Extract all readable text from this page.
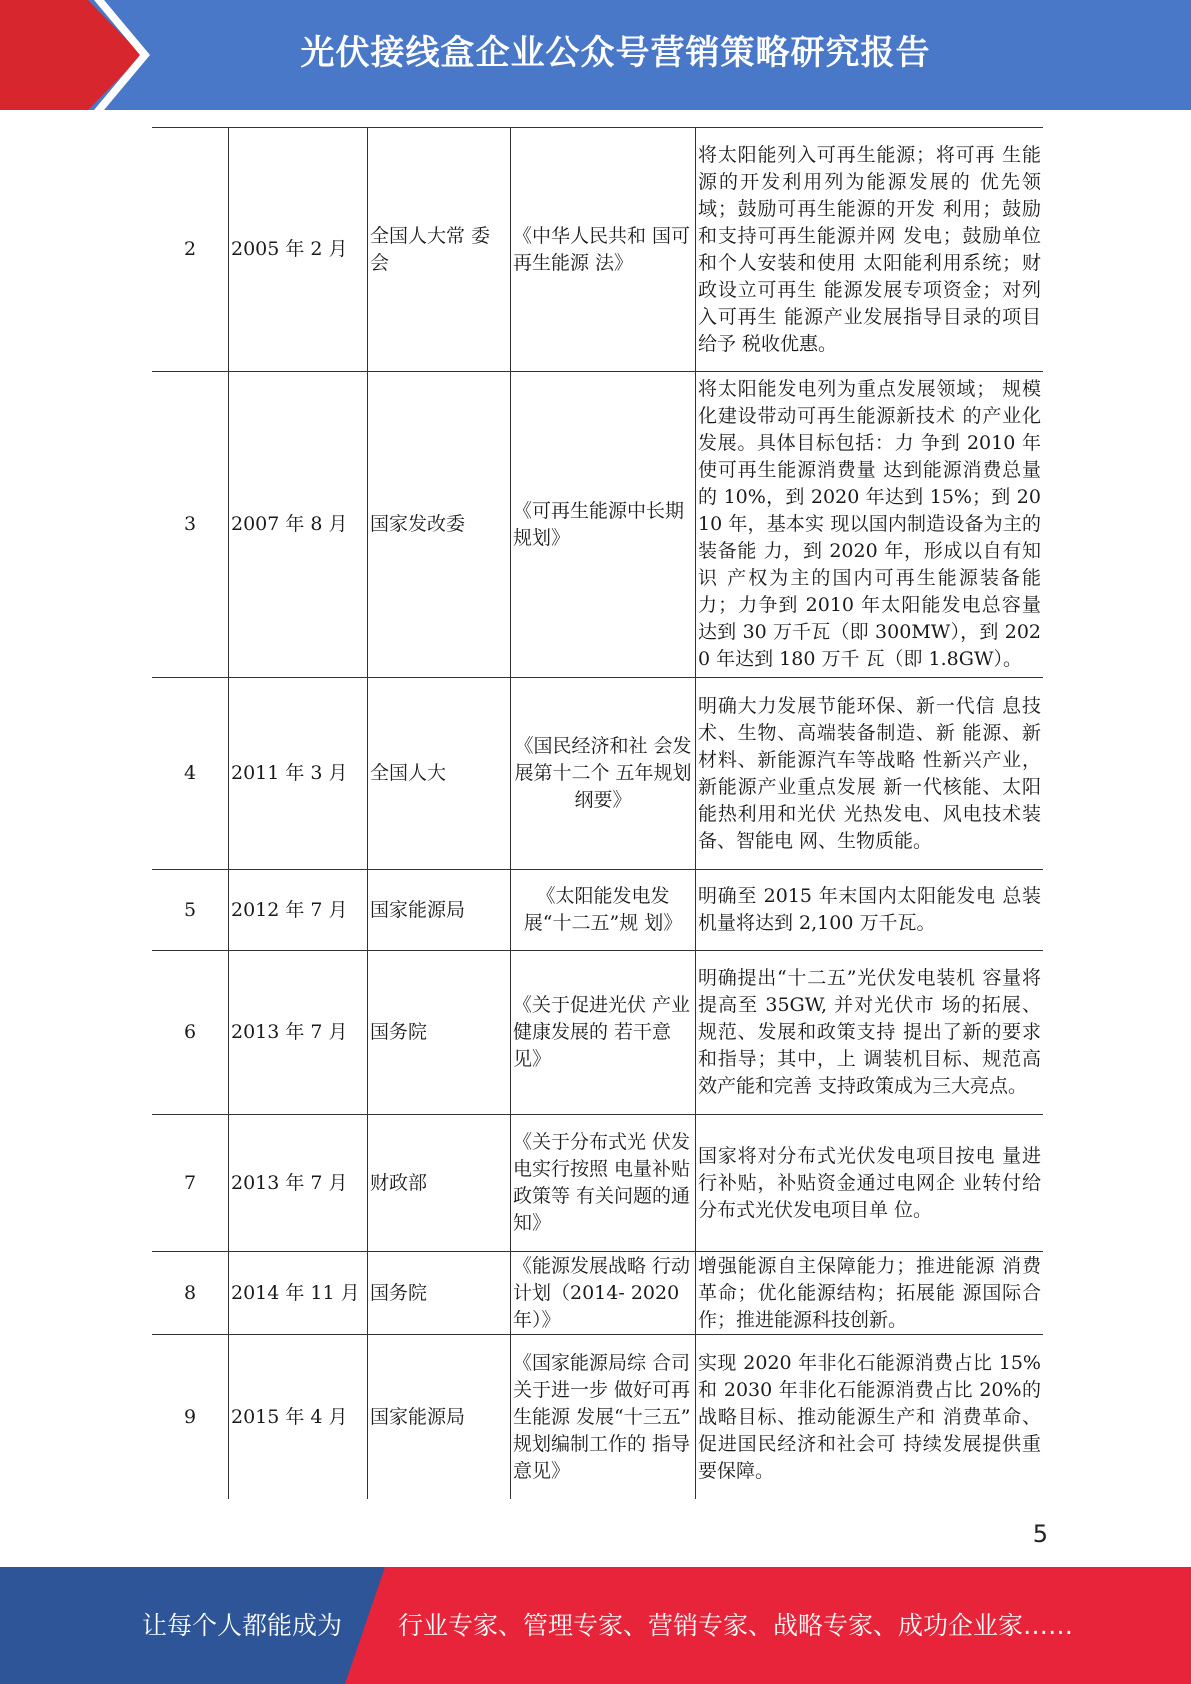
光伏接线盒企业公众号营销策略研究报告
2	2005 年 2 月	全国人大常 委会	《中华人民共和 国可再生能源 法》	将太阳能列入可再生能源；将可再 生能源的开发利用列为能源发展的 优先领域；鼓励可再生能源的开发 利用；鼓励和支持可再生能源并网 发电；鼓励单位和个人安装和使用 太阳能利用系统；财政设立可再生 能源发展专项资金；对列入可再生 能源产业发展指导目录的项目给予 税收优惠。
3	2007 年 8 月	国家发改委	《可再生能源中长期规划》	将太阳能发电列为重点发展领域； 规模化建设带动可再生能源新技术 的产业化发展。具体目标包括：力 争到 2010 年使可再生能源消费量 达到能源消费总量的 10%，到 2020 年达到 15%；到 2010 年，基本实 现以国内制造设备为主的装备能 力，到 2020 年，形成以自有知识 产权为主的国内可再生能源装备能 力；力争到 2010 年太阳能发电总容量达到 30 万千瓦（即 300MW），到 2020 年达到 180 万千 瓦（即 1.8GW）。
4	2011 年 3 月	全国人大	《国民经济和社 会发展第十二个 五年规划纲要》	明确大力发展节能环保、新一代信 息技术、生物、高端装备制造、新 能源、新材料、新能源汽车等战略 性新兴产业，新能源产业重点发展 新一代核能、太阳能热利用和光伏 光热发电、风电技术装备、智能电 网、生物质能。
5	2012 年 7 月	国家能源局	《太阳能发电发 展“十二五”规 划》	明确至 2015 年末国内太阳能发电 总装机量将达到 2,100 万千瓦。
6	2013 年 7 月	国务院	《关于促进光伏 产业健康发展的 若干意见》	明确提出“十二五”光伏发电装机 容量将提高至 35GW, 并对光伏市 场的拓展、规范、发展和政策支持 提出了新的要求和指导；其中，上 调装机目标、规范高效产能和完善 支持政策成为三大亮点。
7	2013 年 7 月	财政部	《关于分布式光 伏发电实行按照 电量补贴政策等 有关问题的通 知》	国家将对分布式光伏发电项目按电 量进行补贴，补贴资金通过电网企 业转付给分布式光伏发电项目单 位。
8	2014 年 11 月	国务院	《能源发展战略 行动计划（2014- 2020 年）》	增强能源自主保障能力；推进能源 消费革命；优化能源结构；拓展能 源国际合作；推进能源科技创新。
9	2015 年 4 月	国家能源局	《国家能源局综 合司关于进一步 做好可再生能源 发展“十三五” 规划编制工作的 指导意见》	实现 2020 年非化石能源消费占比 15%和 2030 年非化石能源消费占比 20%的战略目标、推动能源生产和 消费革命、促进国民经济和社会可 持续发展提供重要保障。
5
让每个人都能成为 行业专家、管理专家、营销专家、战略专家、成功企业家……
